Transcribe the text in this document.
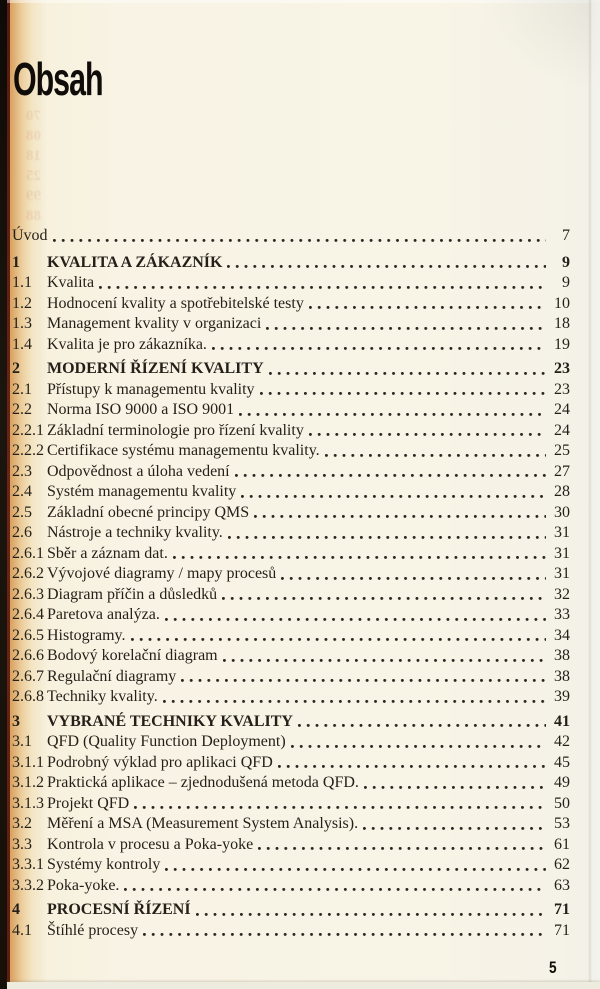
Obsah
70
08
18
25
99
88
Úvod	7
1	KVALITA A ZÁKAZNÍK	9
1.1 Kvalita	9
1.2 Hodnocení kvality a spotřebitelské testy	10
1.3 Management kvality v organizaci	18
1.4 Kvalita je pro zákazníka.	19
2	MODERNÍ ŘÍZENÍ KVALITY	23
2.1 Přístupy k managementu kvality	23
2.2 Norma ISO 9000 a ISO 9001	24
2.2.1 Základní terminologie pro řízení kvality	24
2.2.2 Certifikace systému managementu kvality.	25
2.3 Odpovědnost a úloha vedení	27
2.4 Systém managementu kvality	28
2.5 Základní obecné principy QMS	30
2.6 Nástroje a techniky kvality.	31
2.6.1 Sběr a záznam dat.	31
2.6.2 Vývojové diagramy / mapy procesů	31
2.6.3 Diagram příčin a důsledků	32
2.6.4 Paretova analýza.	33
2.6.5 Histogramy.	34
2.6.6 Bodový korelační diagram	38
2.6.7 Regulační diagramy	38
2.6.8 Techniky kvality.	39
3	VYBRANÉ TECHNIKY KVALITY	41
3.1 QFD (Quality Function Deployment)	42
3.1.1 Podrobný výklad pro aplikaci QFD	45
3.1.2 Praktická aplikace – zjednodušená metoda QFD.	49
3.1.3 Projekt QFD	50
3.2 Měření a MSA (Measurement System Analysis).	53
3.3 Kontrola v procesu a Poka-yoke	61
3.3.1 Systémy kontroly	62
3.3.2 Poka-yoke.	63
4	PROCESNÍ ŘÍZENÍ	71
4.1 Štíhlé procesy	71
5
